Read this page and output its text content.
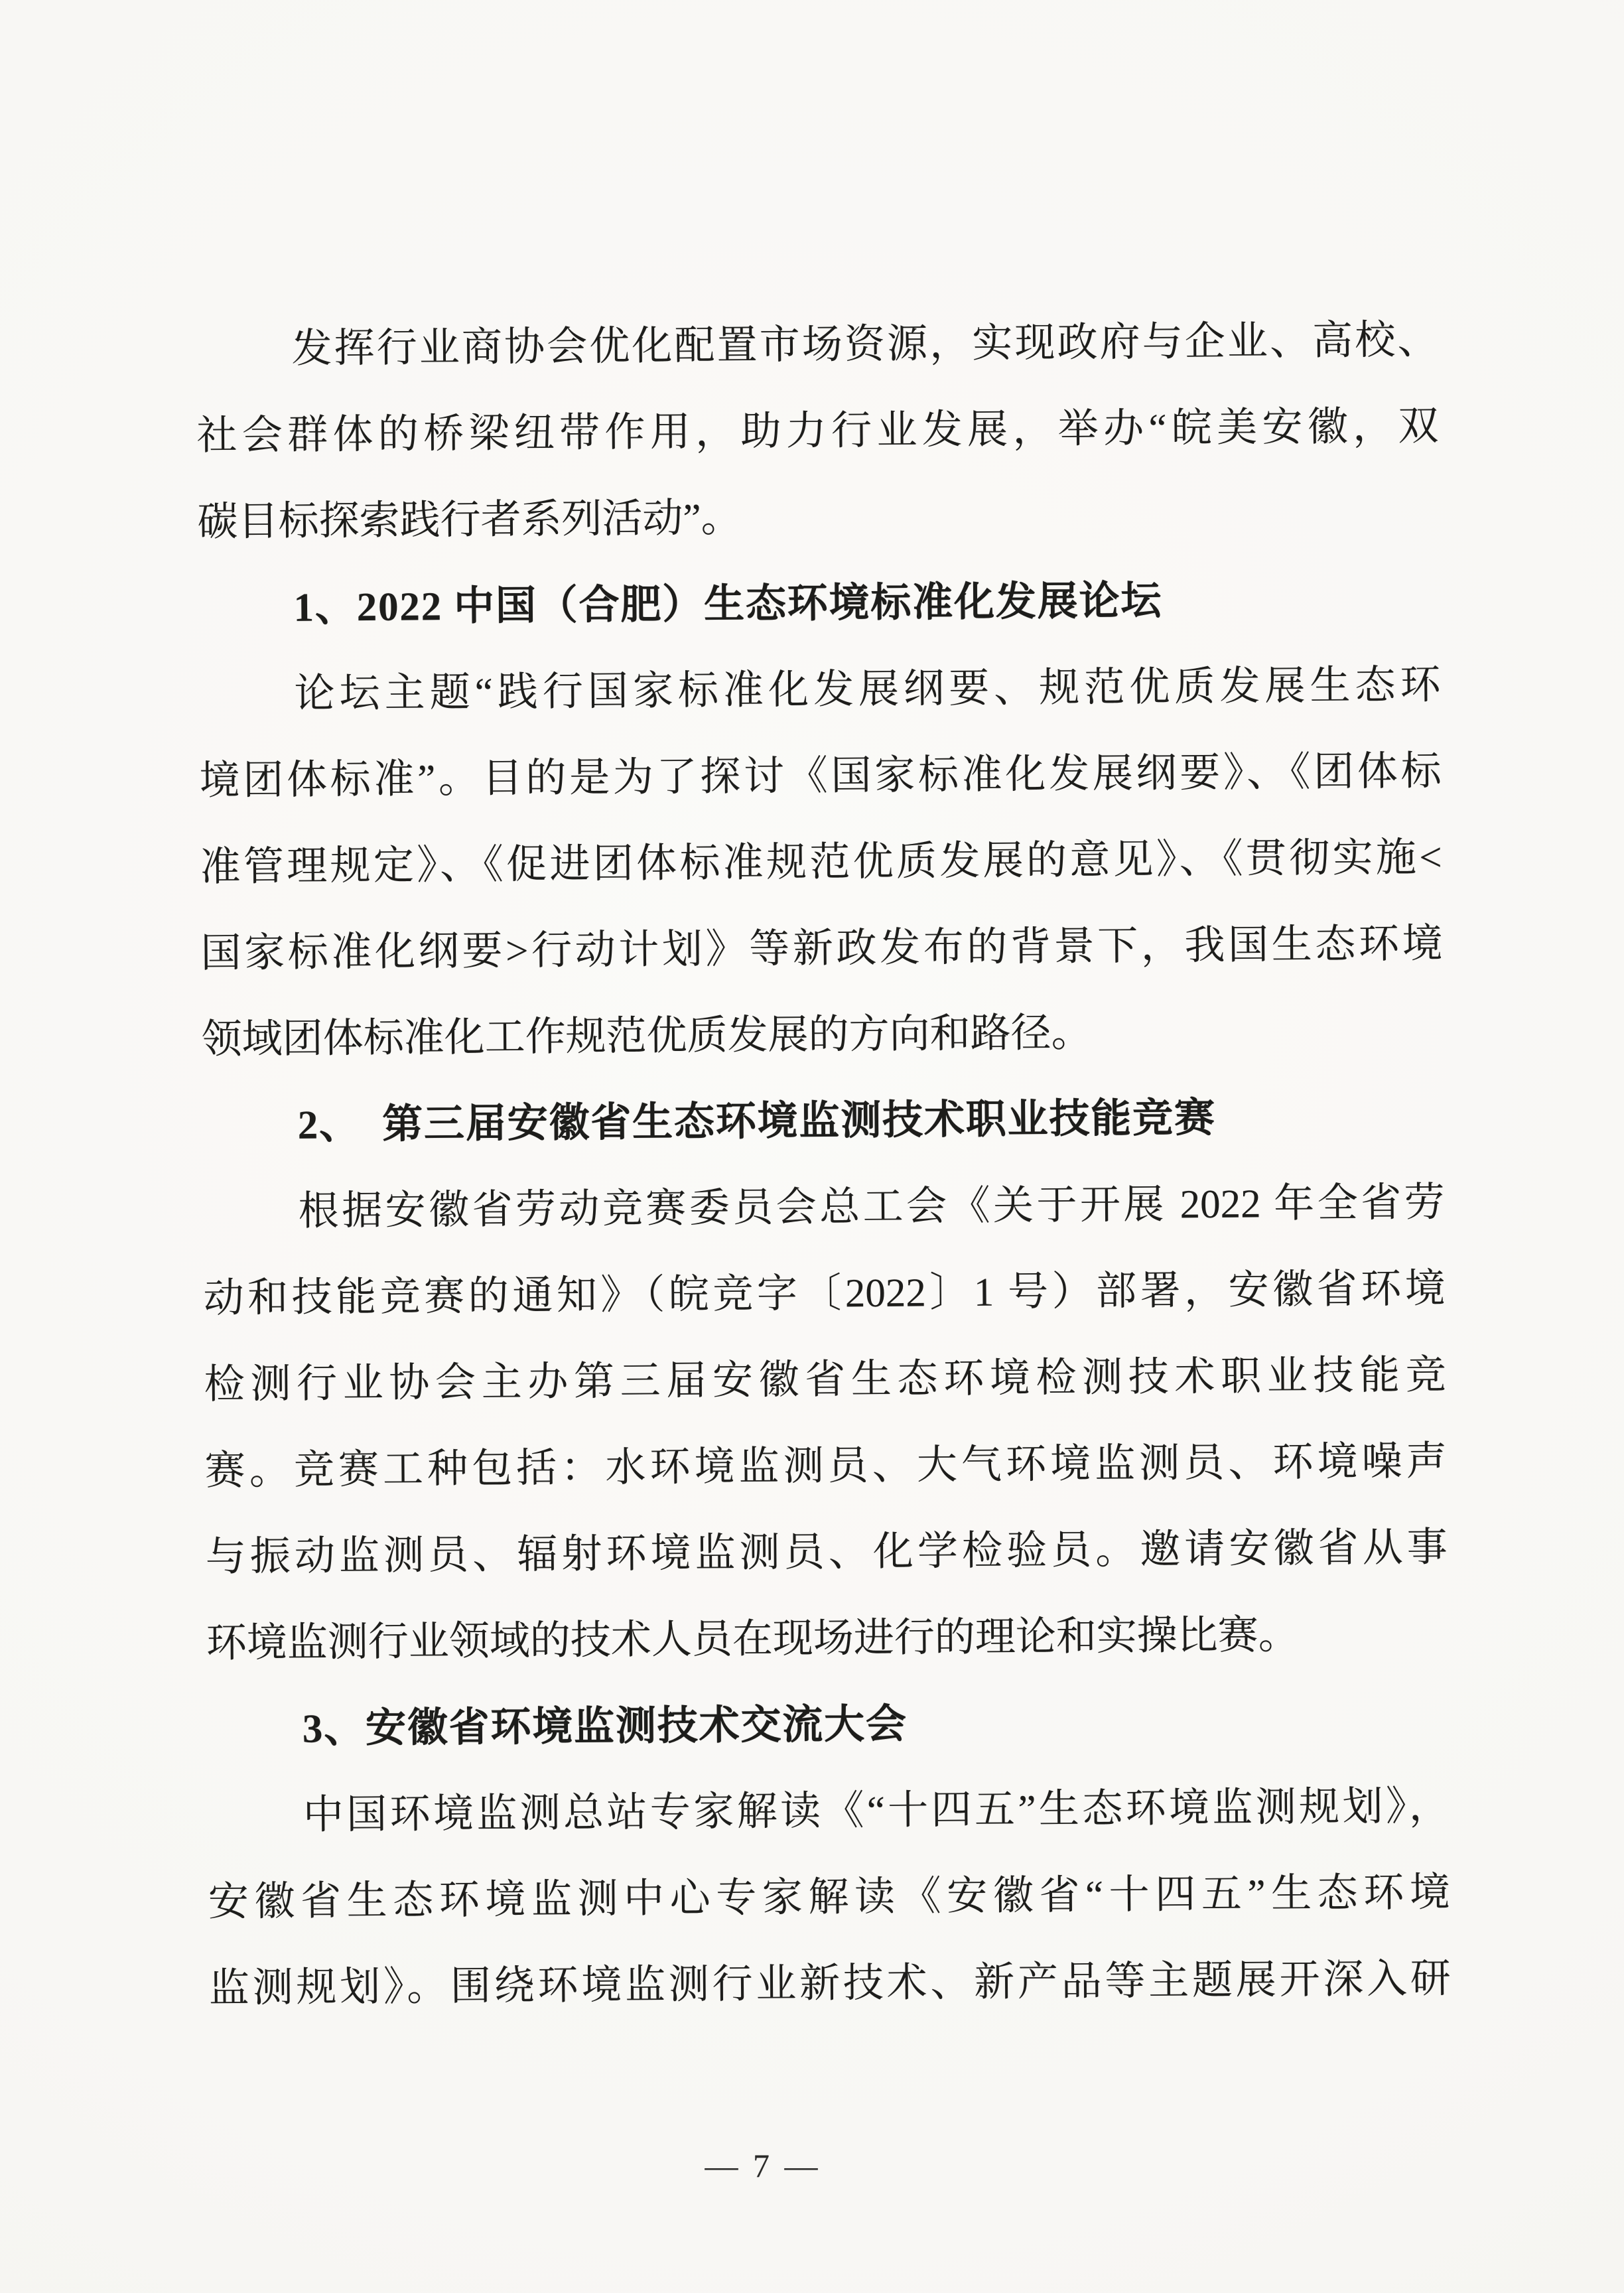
发挥行业商协会优化配置市场资源，实现政府与企业、高校、
社会群体的桥梁纽带作用，助力行业发展，举办“皖美安徽，双
碳目标探索践行者系列活动”。
1、2022 中国（合肥）生态环境标准化发展论坛
论坛主题“践行国家标准化发展纲要、规范优质发展生态环
境团体标准”。目的是为了探讨《国家标准化发展纲要》、《团体标
准管理规定》、《促进团体标准规范优质发展的意见》、《贯彻实施<
国家标准化纲要>行动计划》等新政发布的背景下，我国生态环境
领域团体标准化工作规范优质发展的方向和路径。
2、　第三届安徽省生态环境监测技术职业技能竞赛
根据安徽省劳动竞赛委员会总工会《关于开展 2022 年全省劳
动和技能竞赛的通知》（皖竞字〔2022〕1 号）部署，安徽省环境
检测行业协会主办第三届安徽省生态环境检测技术职业技能竞
赛。竞赛工种包括：水环境监测员、大气环境监测员、环境噪声
与振动监测员、辐射环境监测员、化学检验员。邀请安徽省从事
环境监测行业领域的技术人员在现场进行的理论和实操比赛。
3、安徽省环境监测技术交流大会
中国环境监测总站专家解读《“十四五”生态环境监测规划》，
安徽省生态环境监测中心专家解读《安徽省“十四五”生态环境
监测规划》。围绕环境监测行业新技术、新产品等主题展开深入研
— 7 —
